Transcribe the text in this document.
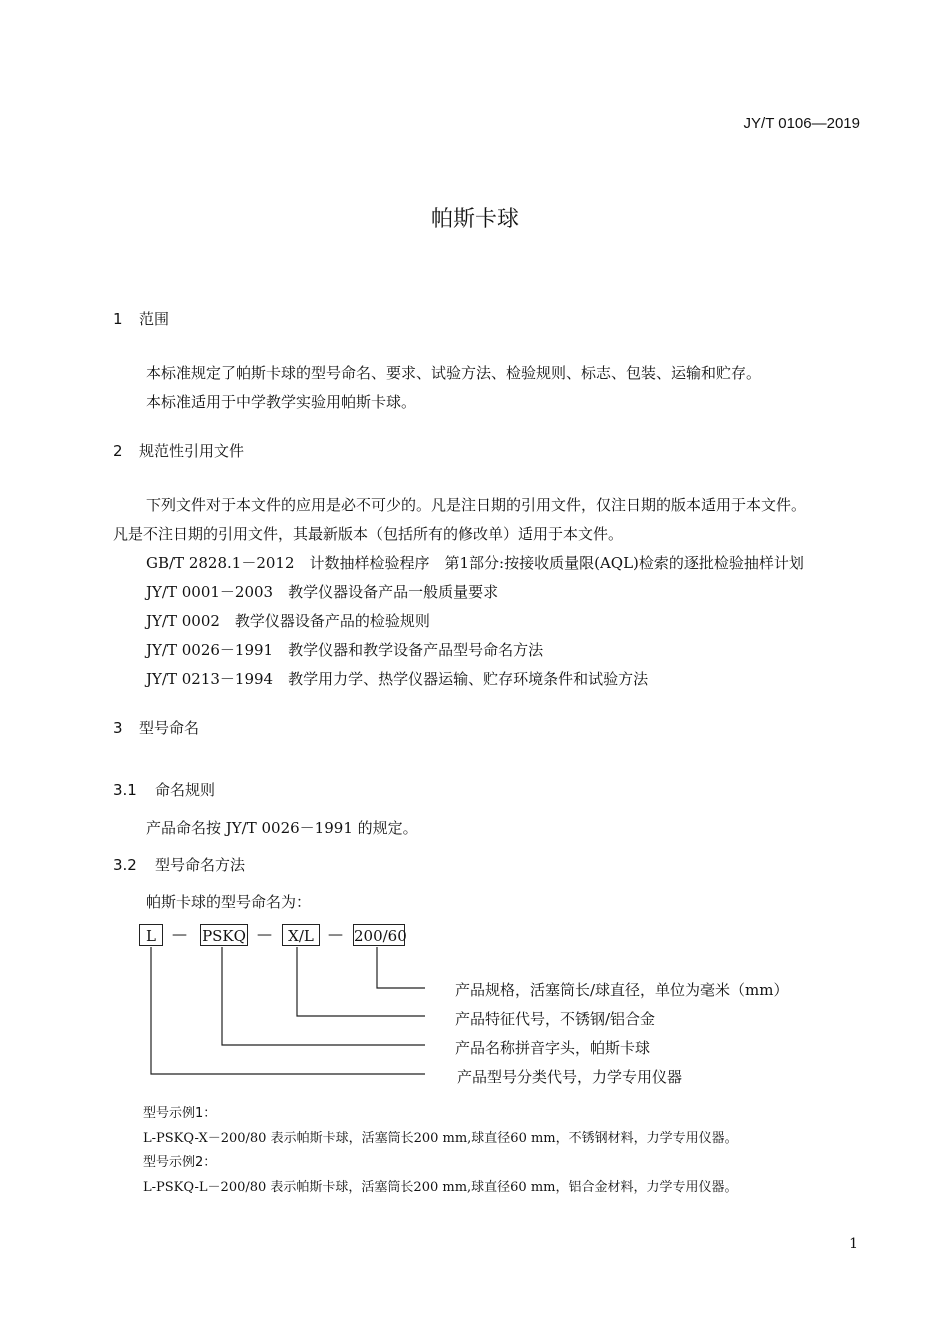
JY/T 0106—2019
帕斯卡球
1 范围
本标准规定了帕斯卡球的型号命名、要求、试验方法、检验规则、标志、包装、运输和贮存。
本标准适用于中学教学实验用帕斯卡球。
2 规范性引用文件
下列文件对于本文件的应用是必不可少的。凡是注日期的引用文件，仅注日期的版本适用于本文件。
凡是不注日期的引用文件，其最新版本（包括所有的修改单）适用于本文件。
GB/T 2828.1－2012　计数抽样检验程序　第1部分:按接收质量限(AQL)检索的逐批检验抽样计划
JY/T 0001－2003　教学仪器设备产品一般质量要求
JY/T 0002　教学仪器设备产品的检验规则
JY/T 0026－1991　教学仪器和教学设备产品型号命名方法
JY/T 0213－1994　教学用力学、热学仪器运输、贮存环境条件和试验方法
3 型号命名
3.1 命名规则
产品命名按 JY/T 0026－1991 的规定。
3.2 型号命名方法
帕斯卡球的型号命名为：
L	— PSKQ —	X/L — 200/60
产品规格，活塞筒长/球直径，单位为毫米（mm）
产品特征代号，不锈钢/铝合金
产品名称拼音字头，帕斯卡球
产品型号分类代号，力学专用仪器
型号示例1：
L-PSKQ-X－200/80 表示帕斯卡球，活塞筒长200 mm,球直径60 mm，不锈钢材料，力学专用仪器。
型号示例2：
L-PSKQ-L－200/80 表示帕斯卡球，活塞筒长200 mm,球直径60 mm，铝合金材料，力学专用仪器。
1
